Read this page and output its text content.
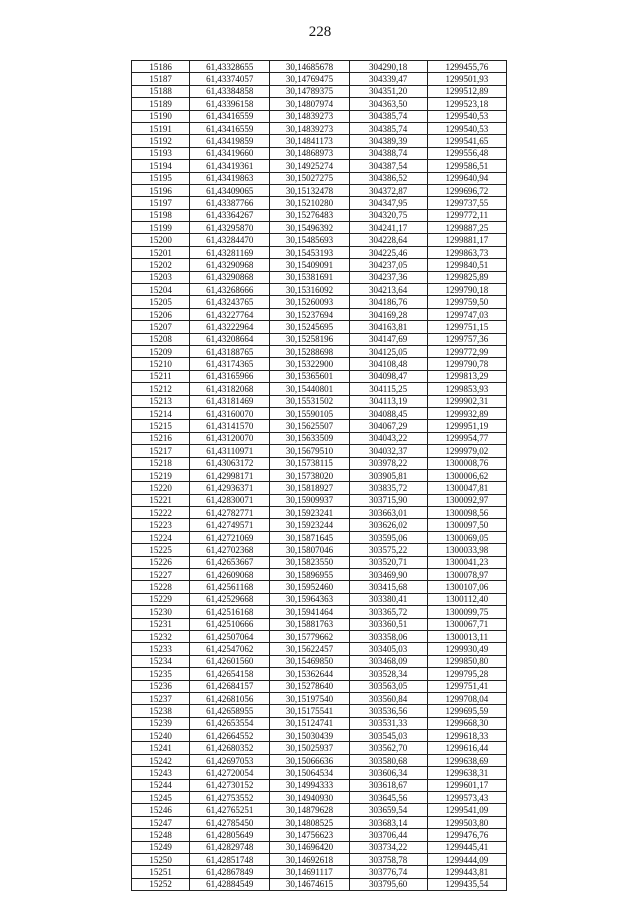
228
15186	61,43328655	30,14685678	304290,18	1299455,76
15187	61,43374057	30,14769475	304339,47	1299501,93
15188	61,43384858	30,14789375	304351,20	1299512,89
15189	61,43396158	30,14807974	304363,50	1299523,18
15190	61,43416559	30,14839273	304385,74	1299540,53
15191	61,43416559	30,14839273	304385,74	1299540,53
15192	61,43419859	30,14841173	304389,39	1299541,65
15193	61,43419660	30,14868973	304388,74	1299556,48
15194	61,43419361	30,14925274	304387,54	1299586,51
15195	61,43419863	30,15027275	304386,52	1299640,94
15196	61,43409065	30,15132478	304372,87	1299696,72
15197	61,43387766	30,15210280	304347,95	1299737,55
15198	61,43364267	30,15276483	304320,75	1299772,11
15199	61,43295870	30,15496392	304241,17	1299887,25
15200	61,43284470	30,15485693	304228,64	1299881,17
15201	61,43281169	30,15453193	304225,46	1299863,73
15202	61,43290968	30,15409091	304237,05	1299840,51
15203	61,43290868	30,15381691	304237,36	1299825,89
15204	61,43268666	30,15316092	304213,64	1299790,18
15205	61,43243765	30,15260093	304186,76	1299759,50
15206	61,43227764	30,15237694	304169,28	1299747,03
15207	61,43222964	30,15245695	304163,81	1299751,15
15208	61,43208664	30,15258196	304147,69	1299757,36
15209	61,43188765	30,15288698	304125,05	1299772,99
15210	61,43174365	30,15322900	304108,48	1299790,78
15211	61,43165966	30,15365601	304098,47	1299813,29
15212	61,43182068	30,15440801	304115,25	1299853,93
15213	61,43181469	30,15531502	304113,19	1299902,31
15214	61,43160070	30,15590105	304088,45	1299932,89
15215	61,43141570	30,15625507	304067,29	1299951,19
15216	61,43120070	30,15633509	304043,22	1299954,77
15217	61,43110971	30,15679510	304032,37	1299979,02
15218	61,43063172	30,15738115	303978,22	1300008,76
15219	61,42998171	30,15738020	303905,81	1300006,62
15220	61,42936371	30,15818927	303835,72	1300047,81
15221	61,42830071	30,15909937	303715,90	1300092,97
15222	61,42782771	30,15923241	303663,01	1300098,56
15223	61,42749571	30,15923244	303626,02	1300097,50
15224	61,42721069	30,15871645	303595,06	1300069,05
15225	61,42702368	30,15807046	303575,22	1300033,98
15226	61,42653667	30,15823550	303520,71	1300041,23
15227	61,42609068	30,15896955	303469,90	1300078,97
15228	61,42561168	30,15952460	303415,68	1300107,06
15229	61,42529668	30,15964363	303380,41	1300112,40
15230	61,42516168	30,15941464	303365,72	1300099,75
15231	61,42510666	30,15881763	303360,51	1300067,71
15232	61,42507064	30,15779662	303358,06	1300013,11
15233	61,42547062	30,15622457	303405,03	1299930,49
15234	61,42601560	30,15469850	303468,09	1299850,80
15235	61,42654158	30,15362644	303528,34	1299795,28
15236	61,42684157	30,15278640	303563,05	1299751,41
15237	61,42681056	30,15197540	303560,84	1299708,04
15238	61,42658955	30,15175541	303536,56	1299695,59
15239	61,42653554	30,15124741	303531,33	1299668,30
15240	61,42664552	30,15030439	303545,03	1299618,33
15241	61,42680352	30,15025937	303562,70	1299616,44
15242	61,42697053	30,15066636	303580,68	1299638,69
15243	61,42720054	30,15064534	303606,34	1299638,31
15244	61,42730152	30,14994333	303618,67	1299601,17
15245	61,42753552	30,14940930	303645,56	1299573,43
15246	61,42765251	30,14879628	303659,54	1299541,09
15247	61,42785450	30,14808525	303683,14	1299503,80
15248	61,42805649	30,14756623	303706,44	1299476,76
15249	61,42829748	30,14696420	303734,22	1299445,41
15250	61,42851748	30,14692618	303758,78	1299444,09
15251	61,42867849	30,14691117	303776,74	1299443,81
15252	61,42884549	30,14674615	303795,60	1299435,54
